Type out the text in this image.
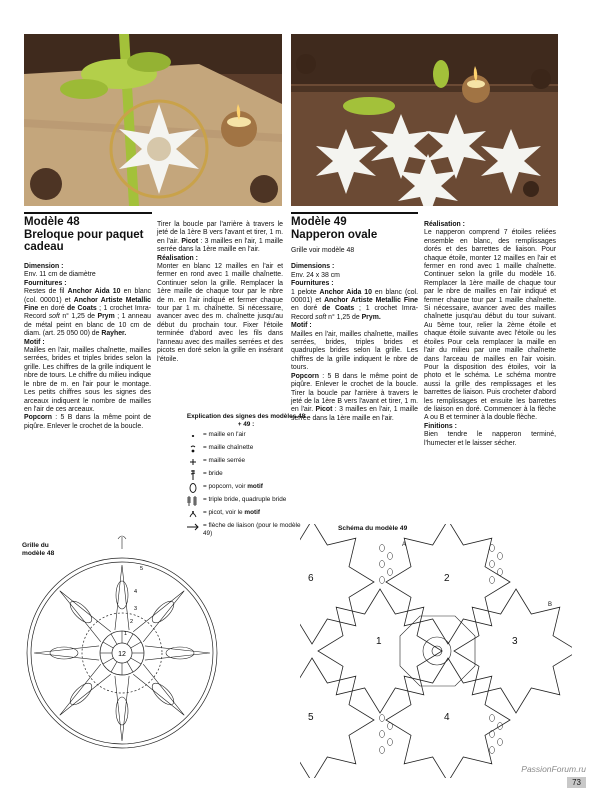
Modèle 48
Breloque pour paquet
cadeau
Modèle 49
Napperon ovale

Dimension :

Env. 11 cm de diamètre

Fournitures :

Restes de fil Anchor Aida 10 en blanc (col. 00001) et Anchor Artiste Metallic Fine en doré de Coats ; 1 crochet Imra-Record soft n° 1,25 de Prym ; 1 anneau de métal peint en blanc de 10 cm de diam. (art. 25 050 00) de Rayher.

Motif :

Mailles en l'air, mailles chaînette, mailles serrées, brides et triples brides selon la grille. Les chiffres de la grille indiquent le nbre de tours. Le chiffre du milieu indique le nbre de m. en l'air pour le montage. Les petits chiffres sous les signes des arceaux indiquent le nombre de mailles en l'air de ces arceaux.

Popcorn : 5 B dans la même point de piqûre. Enlever le crochet de la boucle.

Tirer la boucle par l'arrière à travers le jeté de la 1ère B vers l'avant et tirer, 1 m. en l'air. Picot : 3 mailles en l'air, 1 maille serrée dans la 1ère maille en l'air.

Réalisation :

Monter en blanc 12 mailles en l'air et fermer en rond avec 1 maille chaînette. Continuer selon la grille. Remplacer la 1ère maille de chaque tour par le nbre de m. en l'air indiqué et fermer chaque tour par 1 m. chaînette. Si nécessaire, avancer avec des m. chaînette jusqu'au début du prochain tour. Fixer l'étoile terminée d'abord avec les fils dans l'anneau avec des mailles serrées et des picots en doré selon la grille en insérant l'étoile.

Grille voir modèle 48

Dimensions :

Env. 24 x 38 cm

Fournitures :

1 pelote Anchor Aida 10 en blanc (col. 00001) et Anchor Artiste Metallic Fine en doré de Coats ; 1 crochet Imra-Record soft n° 1,25 de Prym.

Motif :

Mailles en l'air, mailles chaînette, mailles serrées, brides, triples brides et quadruples brides selon la grille. Les chiffres de la grille indiquent le nbre de tours.

Popcorn : 5 B dans le même point de piqûre. Enlever le crochet de la boucle. Tirer la boucle par l'arrière à travers le jeté de la 1ère B vers l'avant et tirer, 1 m. en l'air. Picot : 3 mailles en l'air, 1 maille serrée dans la 1ère maille en l'air.

Réalisation :

Le napperon comprend 7 étoiles reliées ensemble en blanc, des remplissages dorés et des barrettes de liaison. Pour chaque étoile, monter 12 mailles en l'air et fermer en rond avec 1 maille chaînette. Continuer selon la grille du modèle 16. Remplacer la 1ère maille de chaque tour par le nbre de mailles en l'air indiqué et fermer chaque tour par 1 maille chaînette. Si nécessaire, avancer avec des mailles chaînette jusqu'au début du tour suivant. Au 5ème tour, relier la 2ème étoile et chaque étoile suivante avec l'étoile ou les étoiles Pour cela remplacer la maille en l'air du milieu par une maille chaînette dans l'arceau de mailles en l'air voisin. Pour la disposition des étoiles, voir la photo et le schéma. Le schéma montre aussi la grille des remplissages et les barrettes de liaison. Puis crocheter d'abord les remplissages et ensuite les barrettes de liaison en doré. Commencer à la flèche A ou B et terminer à la double flèche.

Finitions :

Bien tendre le napperon terminé, l'humecter et le laisser sécher.

Explication des signes des modèles 48 + 49 :
= maille en l'air
= maille chaînette
= maille serrée
= bride
= popcorn, voir motif
= triple bride, quadruple bride
= picot, voir le motif
= flèche de liaison (pour le modèle 49)
Grille du modèle 48
12
1
2
3
4
5
Schéma du modèle 49
1
2
3
4
5
6
A
B
PassionForum.ru
73
